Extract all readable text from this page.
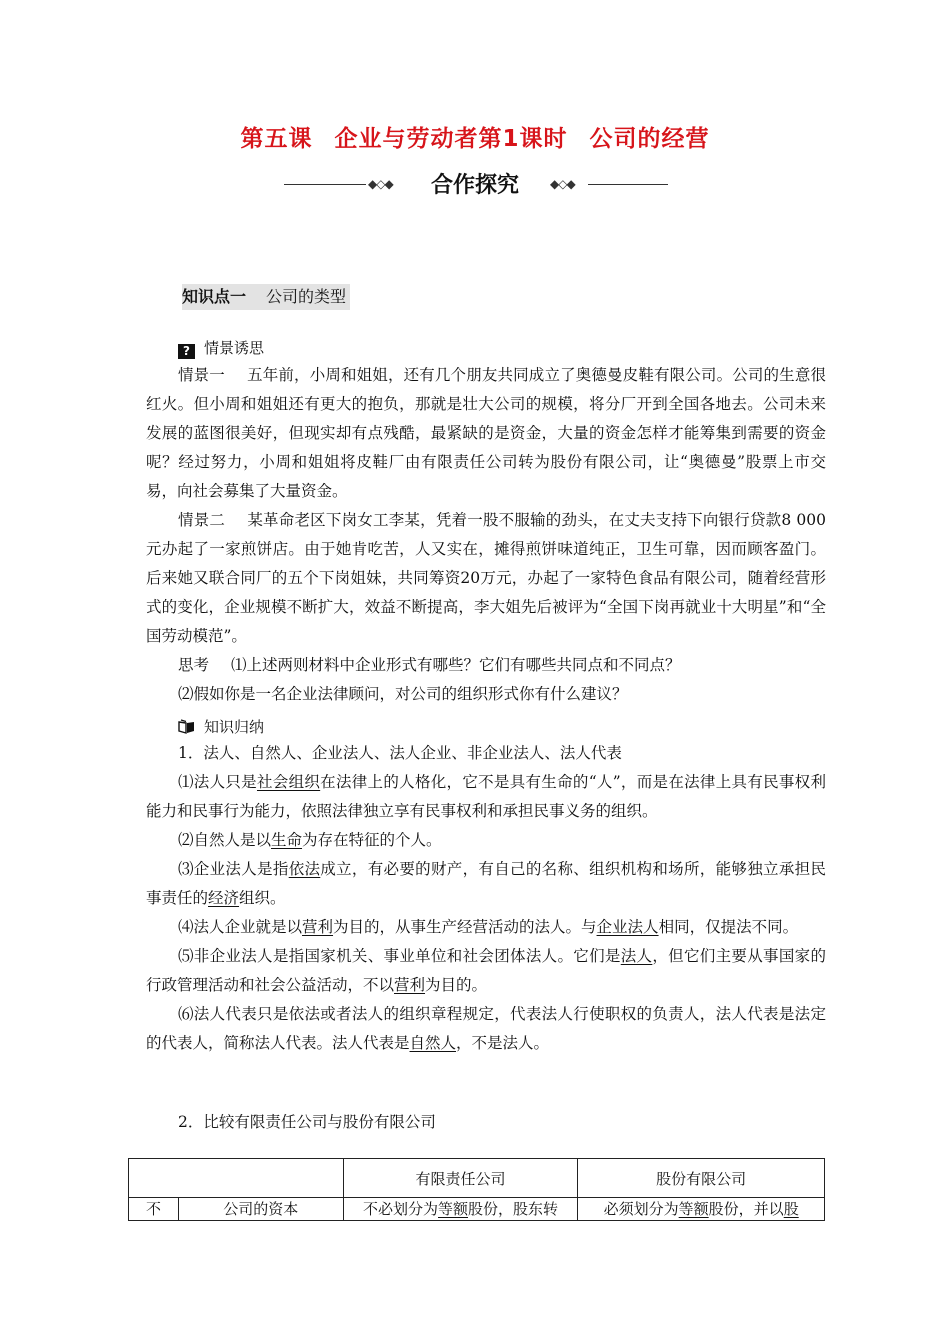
第五课 企业与劳动者第1课时 公司的经营
◆◇◆	合作探究	◆◇◆
知识点一 公司的类型
? 情景诱思

情景一 五年前，小周和姐姐，还有几个朋友共同成立了奥德曼皮鞋有限公司。公司的生意很红火。但小周和姐姐还有更大的抱负，那就是壮大公司的规模，将分厂开到全国各地去。公司未来发展的蓝图很美好，但现实却有点残酷，最紧缺的是资金，大量的资金怎样才能筹集到需要的资金呢？经过努力，小周和姐姐将皮鞋厂由有限责任公司转为股份有限公司，让“奥德曼”股票上市交易，向社会募集了大量资金。

情景二 某革命老区下岗女工李某，凭着一股不服输的劲头，在丈夫支持下向银行贷款8 000元办起了一家煎饼店。由于她肯吃苦，人又实在，摊得煎饼味道纯正，卫生可靠，因而顾客盈门。后来她又联合同厂的五个下岗姐妹，共同筹资20万元，办起了一家特色食品有限公司，随着经营形式的变化，企业规模不断扩大，效益不断提高，李大姐先后被评为“全国下岗再就业十大明星”和“全国劳动模范”。

思考 ⑴上述两则材料中企业形式有哪些？它们有哪些共同点和不同点？

⑵假如你是一名企业法律顾问，对公司的组织形式你有什么建议？

知识归纳

1．法人、自然人、企业法人、法人企业、非企业法人、法人代表

⑴法人只是社会组织在法律上的人格化，它不是具有生命的“人”，而是在法律上具有民事权利能力和民事行为能力，依照法律独立享有民事权利和承担民事义务的组织。

⑵自然人是以生命为存在特征的个人。

⑶企业法人是指依法成立，有必要的财产，有自己的名称、组织机构和场所，能够独立承担民事责任的经济组织。

⑷法人企业就是以营利为目的，从事生产经营活动的法人。与企业法人相同，仅提法不同。

⑸非企业法人是指国家机关、事业单位和社会团体法人。它们是法人，但它们主要从事国家的行政管理活动和社会公益活动，不以营利为目的。

⑹法人代表只是依法或者法人的组织章程规定，代表法人行使职权的负责人，法人代表是法定的代表人，简称法人代表。法人代表是自然人，不是法人。

2．比较有限责任公司与股份有限公司
		有限责任公司	股份有限公司
不	公司的资本	不必划分为等额股份，股东转	必须划分为等额股份，并以股
